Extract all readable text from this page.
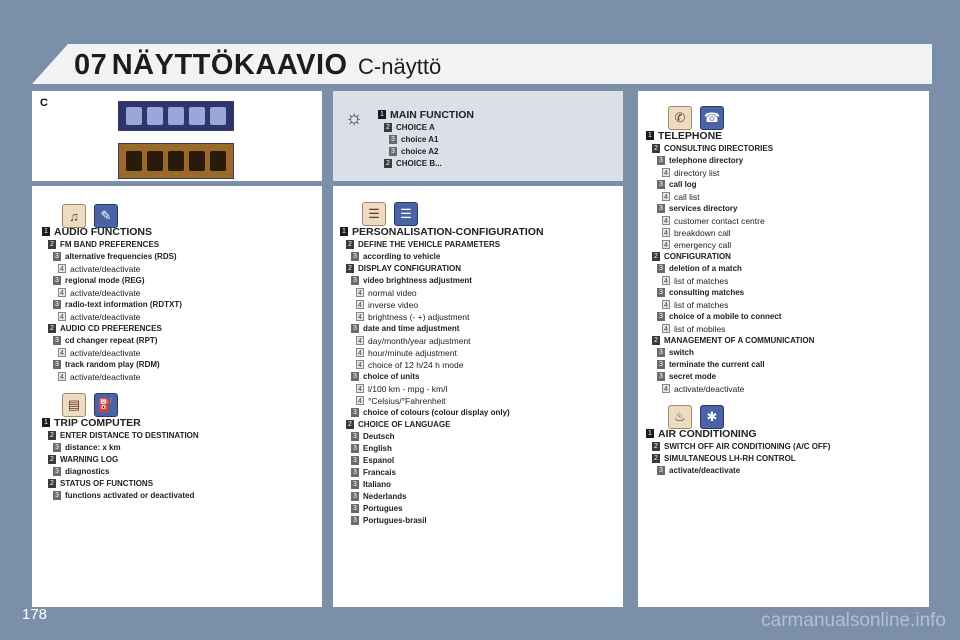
07 NÄYTTÖKAAVIO C-näyttö
C
☼
♫	✎
▤	⛽
☰	☰
✆	☎
♨	✱
1 MAIN FUNCTION
2 CHOICE A
3 choice A1
3 choice A2
2 CHOICE B...
1 AUDIO FUNCTIONS
2 FM BAND PREFERENCES
3 alternative frequencies (RDS)
4 activate/deactivate
3 regional mode (REG)
4 activate/deactivate
3 radio-text information (RDTXT)
4 activate/deactivate
2 AUDIO CD PREFERENCES
3 cd changer repeat (RPT)
4 activate/deactivate
3 track random play (RDM)
4 activate/deactivate
1 TRIP COMPUTER
2 ENTER DISTANCE TO DESTINATION
3 distance: x km
2 WARNING LOG
3 diagnostics
2 STATUS OF FUNCTIONS
3 functions activated or deactivated
1 PERSONALISATION-CONFIGURATION
2 DEFINE THE VEHICLE PARAMETERS
3 according to vehicle
2 DISPLAY CONFIGURATION
3 video brightness adjustment
4 normal video
4 inverse video
4 brightness (- +) adjustment
3 date and time adjustment
4 day/month/year adjustment
4 hour/minute adjustment
4 choice of 12 h/24 h mode
3 choice of units
4 l/100 km - mpg - km/l
4 °Celsius/°Fahrenheit
3 choice of colours (colour display only)
2 CHOICE OF LANGUAGE
3 Deutsch
3 English
3 Espanol
3 Francais
3 Italiano
3 Nederlands
3 Portugues
3 Portugues-brasil
1 TELEPHONE
2 CONSULTING DIRECTORIES
3 telephone directory
4 directory list
3 call log
4 call list
3 services directory
4 customer contact centre
4 breakdown call
4 emergency call
2 CONFIGURATION
3 deletion of a match
4 list of matches
3 consulting matches
4 list of matches
3 choice of a mobile to connect
4 list of mobiles
2 MANAGEMENT OF A COMMUNICATION
3 switch
3 terminate the current call
3 secret mode
4 activate/deactivate
1 AIR CONDITIONING
2 SWITCH OFF AIR CONDITIONING (A/C OFF)
2 SIMULTANEOUS LH-RH CONTROL
3 activate/deactivate
178	carmanualsonline.info
